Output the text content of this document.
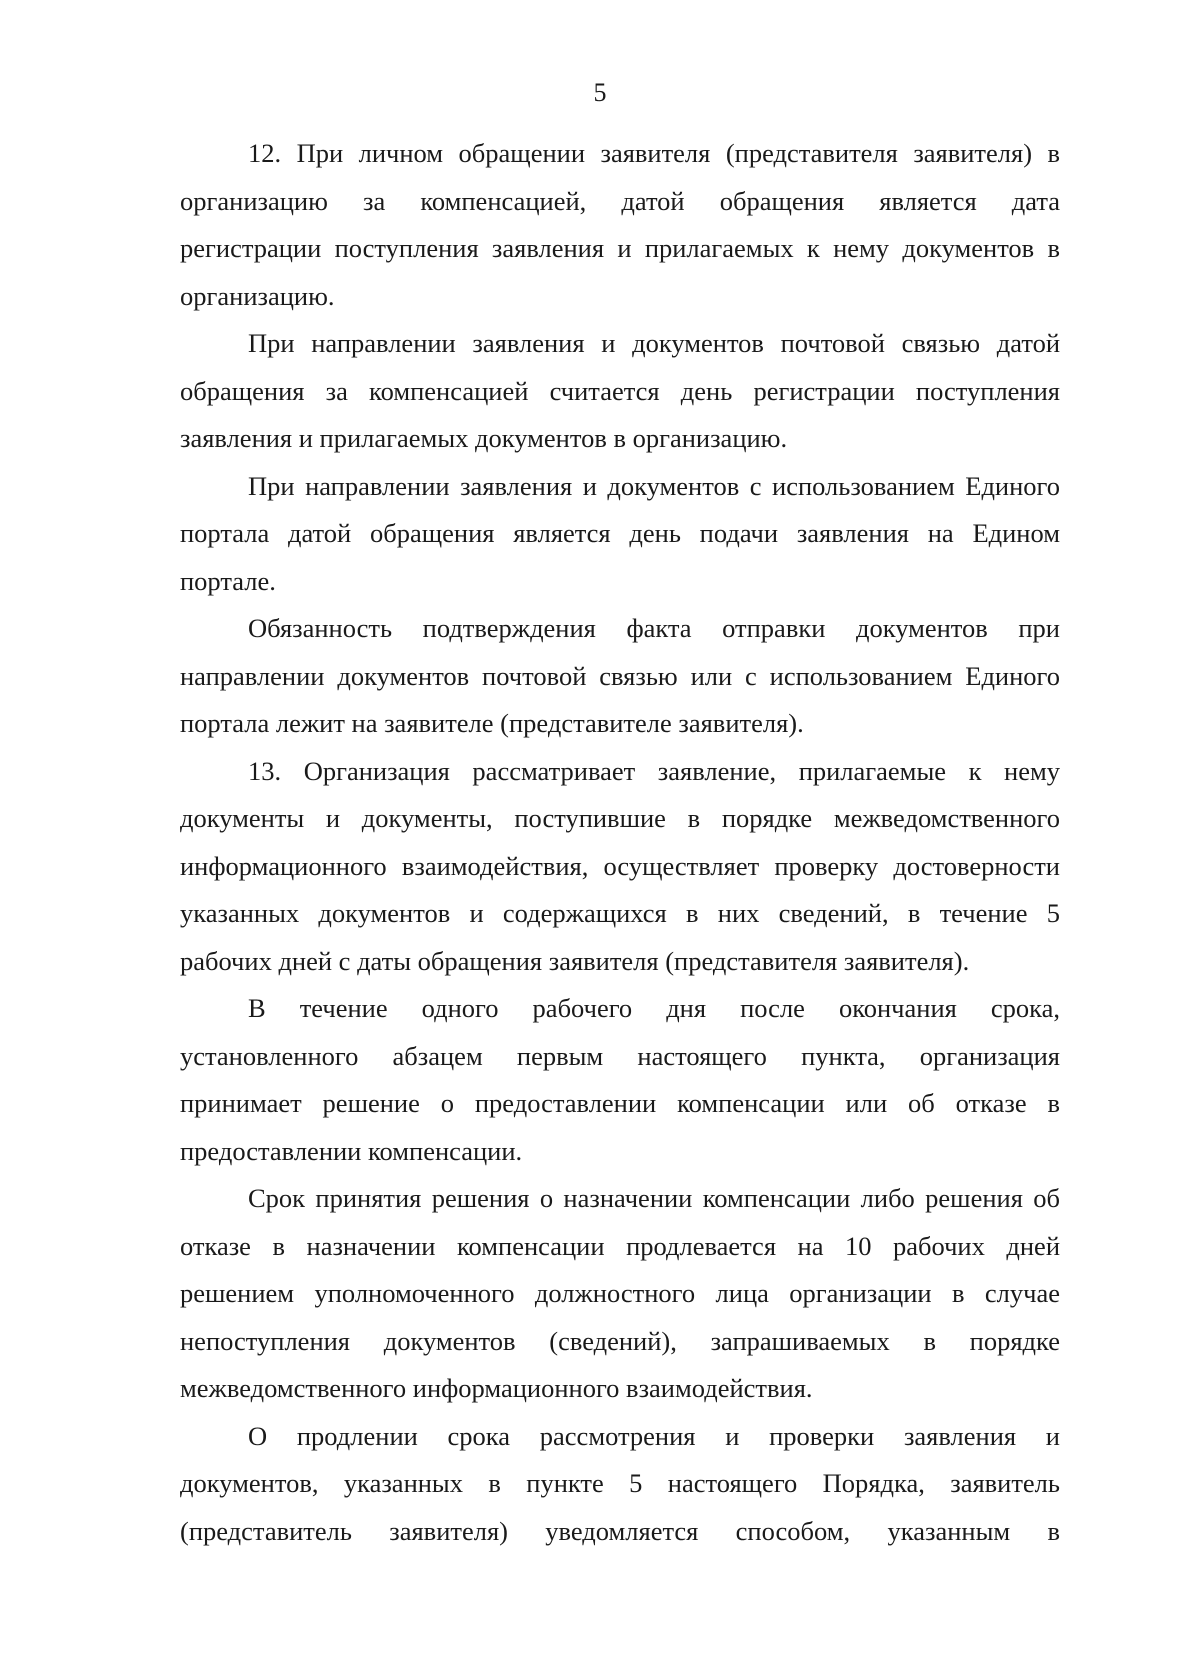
5
12. При личном обращении заявителя (представителя заявителя) в
организацию за компенсацией, датой обращения является дата
регистрации поступления заявления и прилагаемых к нему документов в
организацию.
При направлении заявления и документов почтовой связью датой
обращения за компенсацией считается день регистрации поступления
заявления и прилагаемых документов в организацию.
При направлении заявления и документов с использованием Единого
портала датой обращения является день подачи заявления на Едином
портале.
Обязанность подтверждения факта отправки документов при
направлении документов почтовой связью или с использованием Единого
портала лежит на заявителе (представителе заявителя).
13. Организация рассматривает заявление, прилагаемые к нему
документы и документы, поступившие в порядке межведомственного
информационного взаимодействия, осуществляет проверку достоверности
указанных документов и содержащихся в них сведений, в течение 5
рабочих дней с даты обращения заявителя (представителя заявителя).
В течение одного рабочего дня после окончания срока,
установленного абзацем первым настоящего пункта, организация
принимает решение о предоставлении компенсации или об отказе в
предоставлении компенсации.
Срок принятия решения о назначении компенсации либо решения об
отказе в назначении компенсации продлевается на 10 рабочих дней
решением уполномоченного должностного лица организации в случае
непоступления документов (сведений), запрашиваемых в порядке
межведомственного информационного взаимодействия.
О продлении срока рассмотрения и проверки заявления и
документов, указанных в пункте 5 настоящего Порядка, заявитель
(представитель заявителя) уведомляется способом, указанным в
